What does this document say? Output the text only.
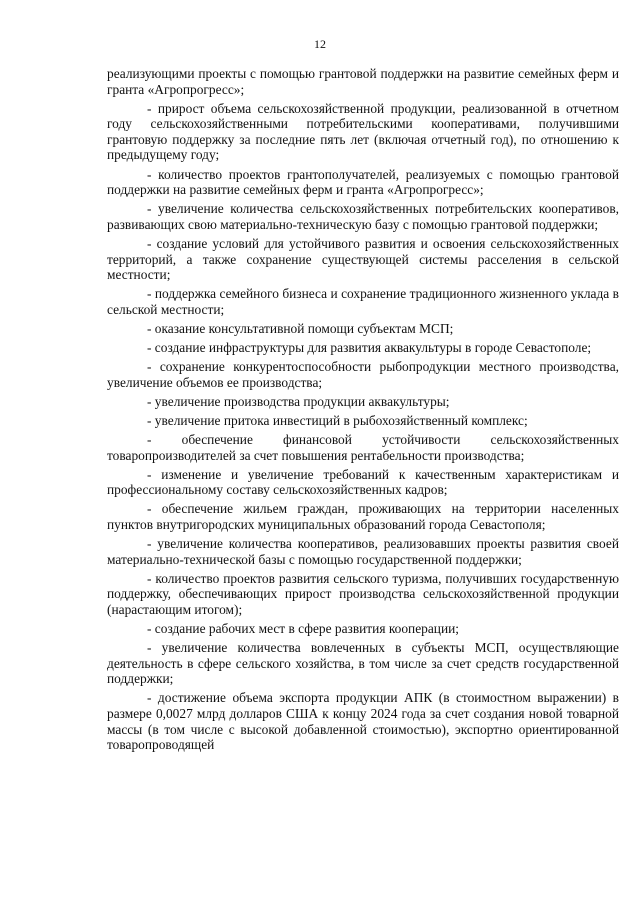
12

реализующими проекты с помощью грантовой поддержки на развитие семейных ферм и гранта «Агропрогресс»;

- прирост объема сельскохозяйственной продукции, реализованной в отчетном году сельскохозяйственными потребительскими кооперативами, получившими грантовую поддержку за последние пять лет (включая отчетный год), по отношению к предыдущему году;

- количество проектов грантополучателей, реализуемых с помощью грантовой поддержки на развитие семейных ферм и гранта «Агропрогресс»;

- увеличение количества сельскохозяйственных потребительских кооперативов, развивающих свою материально-техническую базу с помощью грантовой поддержки;

- создание условий для устойчивого развития и освоения сельскохозяйственных территорий, а также сохранение существующей системы расселения в сельской местности;

- поддержка семейного бизнеса и сохранение традиционного жизненного уклада в сельской местности;

- оказание консультативной помощи субъектам МСП;

- создание инфраструктуры для развития аквакультуры в городе Севастополе;

- сохранение конкурентоспособности рыбопродукции местного производства, увеличение объемов ее производства;

- увеличение производства продукции аквакультуры;

- увеличение притока инвестиций в рыбохозяйственный комплекс;

- обеспечение финансовой устойчивости сельскохозяйственных товаропроизводителей за счет повышения рентабельности производства;

- изменение и увеличение требований к качественным характеристикам и профессиональному составу сельскохозяйственных кадров;

- обеспечение жильем граждан, проживающих на территории населенных пунктов внутригородских муниципальных образований города Севастополя;

- увеличение количества кооперативов, реализовавших проекты развития своей материально-технической базы с помощью государственной поддержки;

- количество проектов развития сельского туризма, получивших государственную поддержку, обеспечивающих прирост производства сельскохозяйственной продукции (нарастающим итогом);

- создание рабочих мест в сфере развития кооперации;

- увеличение количества вовлеченных в субъекты МСП, осуществляющие деятельность в сфере сельского хозяйства, в том числе за счет средств государственной поддержки;

- достижение объема экспорта продукции АПК (в стоимостном выражении) в размере 0,0027 млрд долларов США к концу 2024 года за счет создания новой товарной массы (в том числе с высокой добавленной стоимостью), экспортно ориентированной товаропроводящей
